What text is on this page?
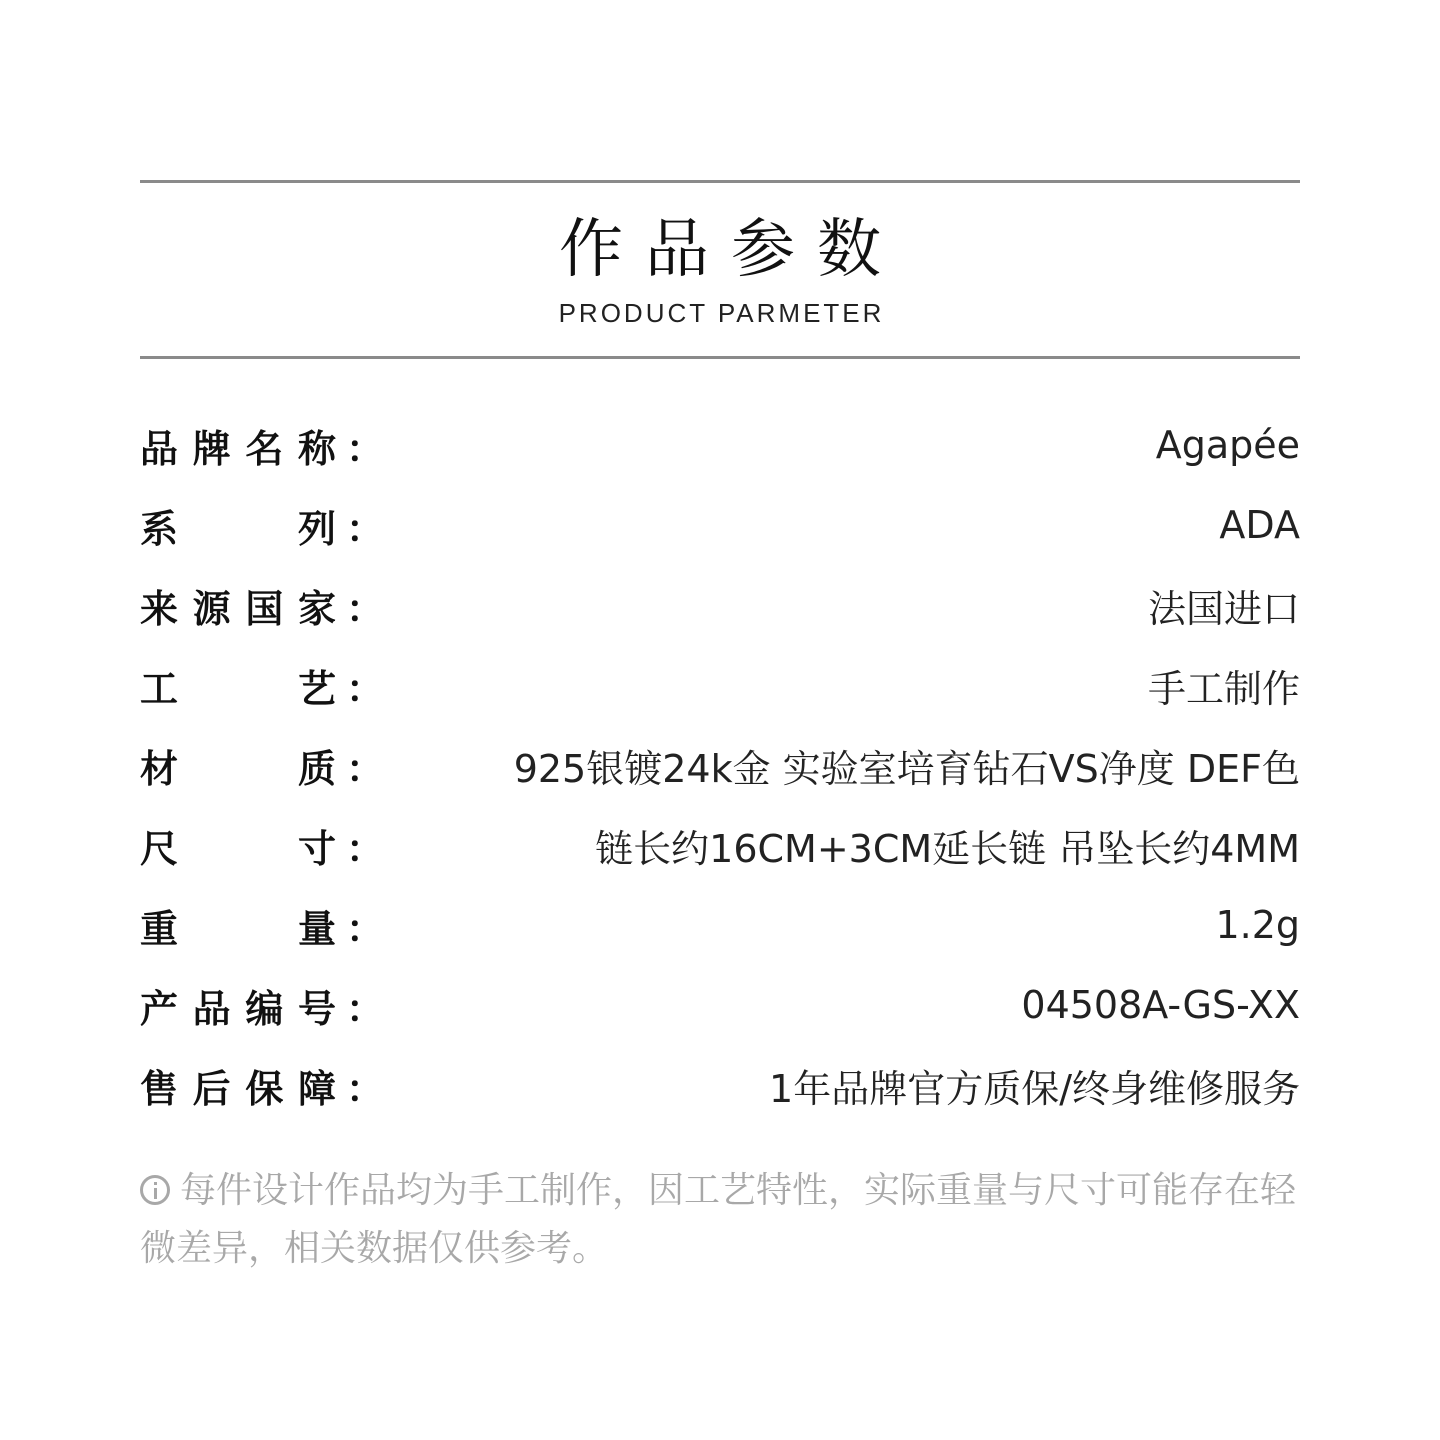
作品参数
PRODUCT PARMETER
品 牌 名 称 ：	Agapée
系	列 ：	ADA
来 源 国 家 ：	法国进口
工	艺 ：	手工制作
材	质 ：	925银镀24k金 实验室培育钻石VS净度 DEF色
尺	寸 ：	链长约16CM+3CM延长链 吊坠长约4MM
重	量 ：	1.2g
产 品 编 号 ：	04508A-GS-XX
售 后 保 障 ：	1年品牌官方质保/终身维修服务
每件设计作品均为手工制作，因工艺特性，实际重量与尺寸可能存在轻微差异，相关数据仅供参考。
